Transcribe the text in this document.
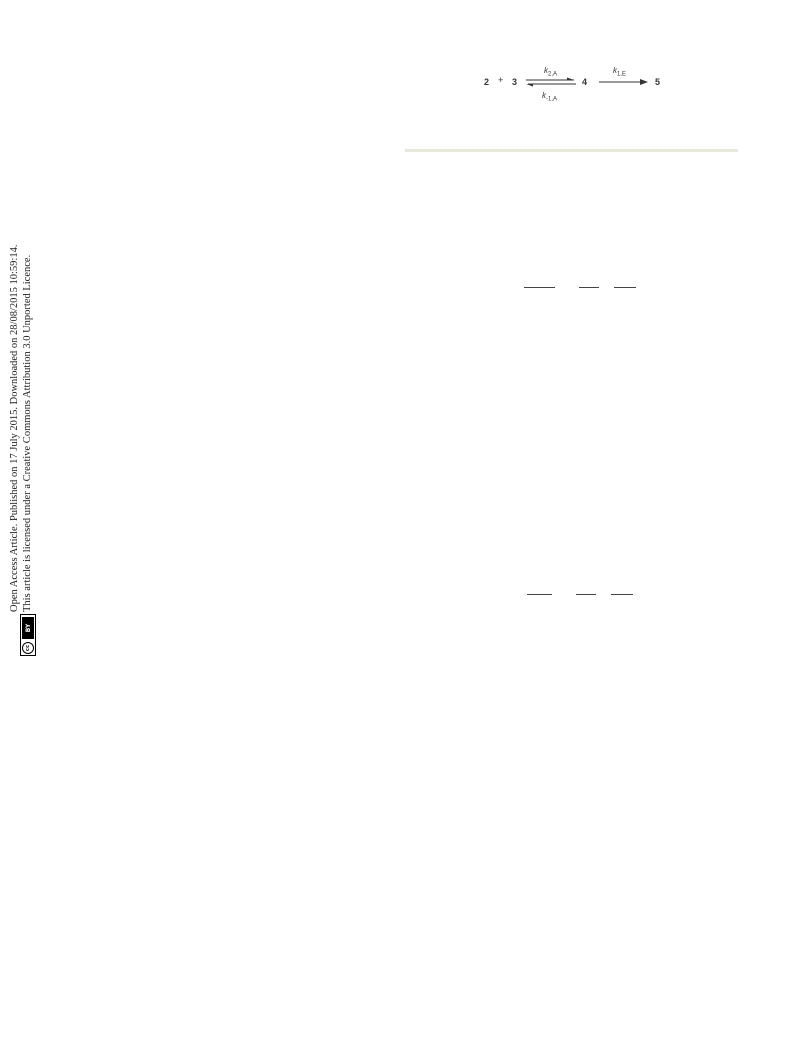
cc
BY
Open Access Article. Published on 17 July 2015. Downloaded on 28/08/2015 10:59:14. This article is licensed under a Creative Commons Attribution 3.0 Unported Licence.
2 + 3
$k_{2,A}$
$k_{-1,A}$
4
$k_{1,E}$
5
